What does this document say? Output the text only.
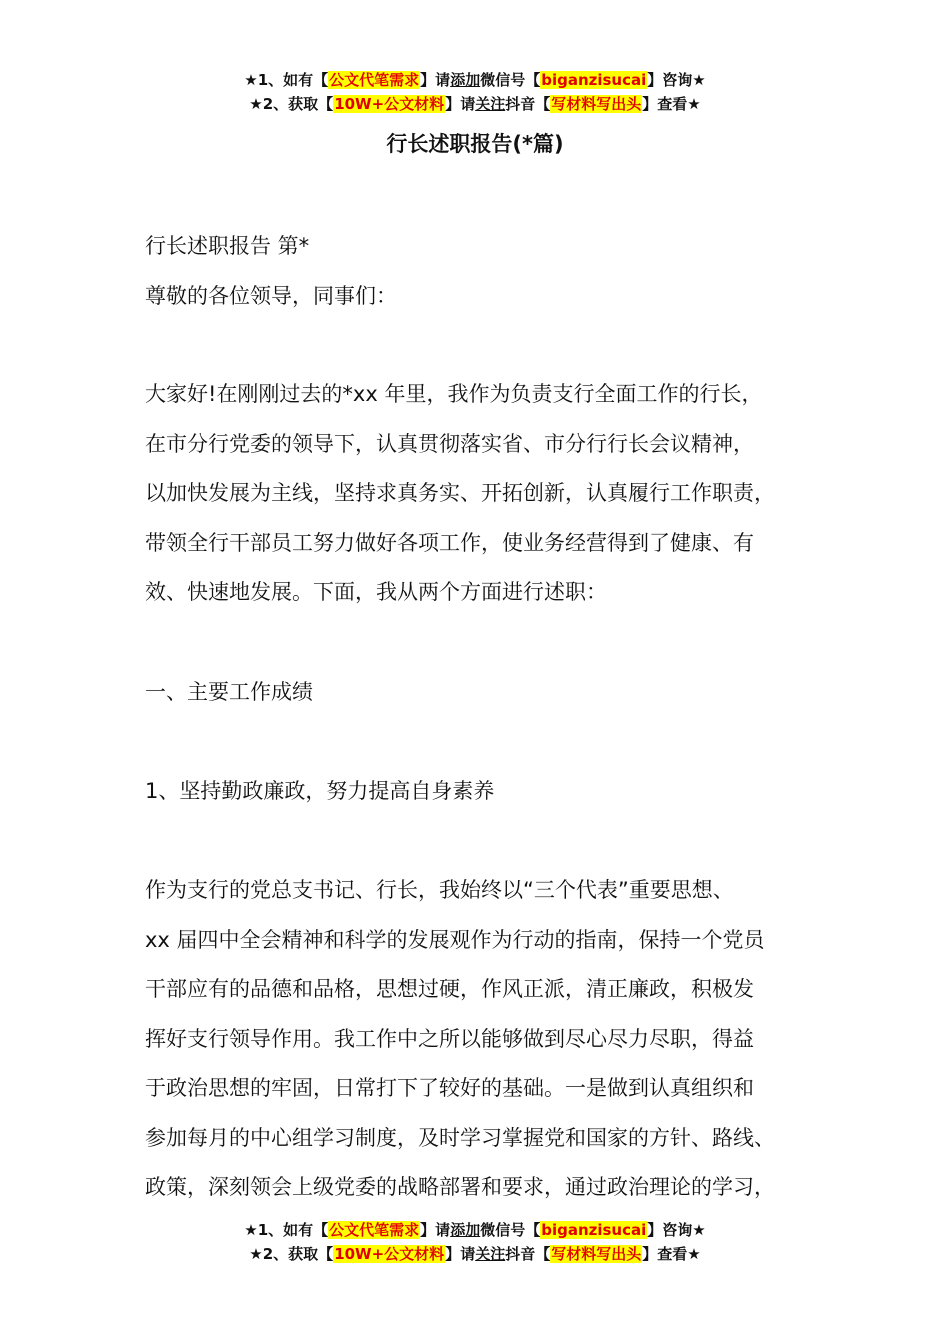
★1、如有【公文代笔需求】请添加微信号【biganzisucai】咨询★
★2、获取【10W+公文材料】请关注抖音【写材料写出头】查看★
行长述职报告(*篇)
行长述职报告 第*
尊敬的各位领导，同事们：
大家好!在刚刚过去的*xx 年里，我作为负责支行全面工作的行长，
在市分行党委的领导下，认真贯彻落实省、市分行行长会议精神，
以加快发展为主线，坚持求真务实、开拓创新，认真履行工作职责，
带领全行干部员工努力做好各项工作，使业务经营得到了健康、有
效、快速地发展。下面，我从两个方面进行述职：
一、主要工作成绩
1、坚持勤政廉政，努力提高自身素养
作为支行的党总支书记、行长，我始终以“三个代表”重要思想、
xx 届四中全会精神和科学的发展观作为行动的指南，保持一个党员
干部应有的品德和品格，思想过硬，作风正派，清正廉政，积极发
挥好支行领导作用。我工作中之所以能够做到尽心尽力尽职，得益
于政治思想的牢固，日常打下了较好的基础。一是做到认真组织和
参加每月的中心组学习制度，及时学习掌握党和国家的方针、路线、
政策，深刻领会上级党委的战略部署和要求，通过政治理论的学习，
★1、如有【公文代笔需求】请添加微信号【biganzisucai】咨询★
★2、获取【10W+公文材料】请关注抖音【写材料写出头】查看★
